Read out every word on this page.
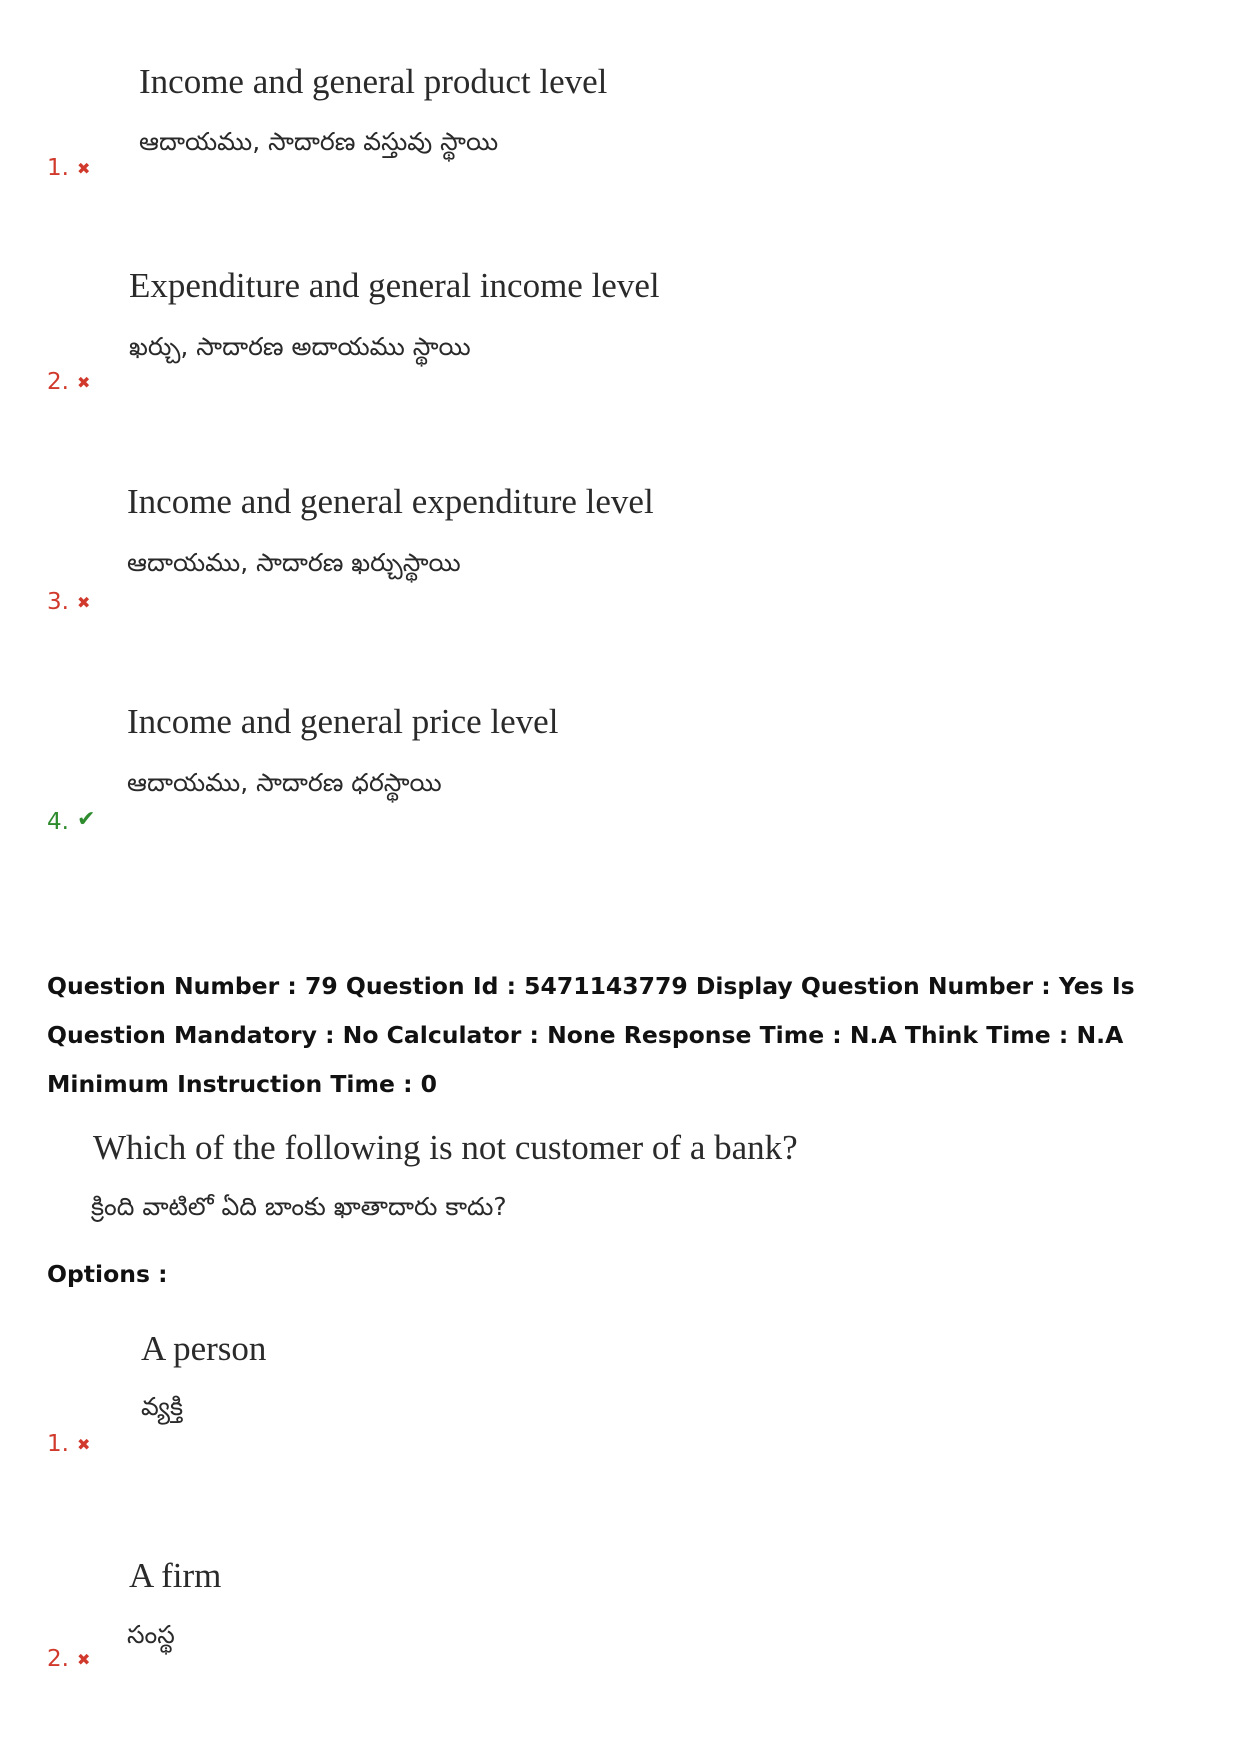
Income and general product level
ఆదాయము, సాదారణ వస్తువు స్థాయి
1. ✖
Expenditure and general income level
ఖర్చు, సాదారణ అదాయము స్థాయి
2. ✖
Income and general expenditure level
ఆదాయము, సాదారణ ఖర్చుస్థాయి
3. ✖
Income and general price level
ఆదాయము, సాదారణ ధరస్థాయి
4. ✔
Question Number : 79 Question Id : 5471143779 Display Question Number : Yes Is Question Mandatory : No Calculator : None Response Time : N.A Think Time : N.A Minimum Instruction Time : 0
Which of the following is not customer of a bank?
క్రింది వాటిలో ఏది బాంకు ఖాతాదారు కాదు?
Options :
A person
వ్యక్తి
1. ✖
A firm
సంస్థ
2. ✖
